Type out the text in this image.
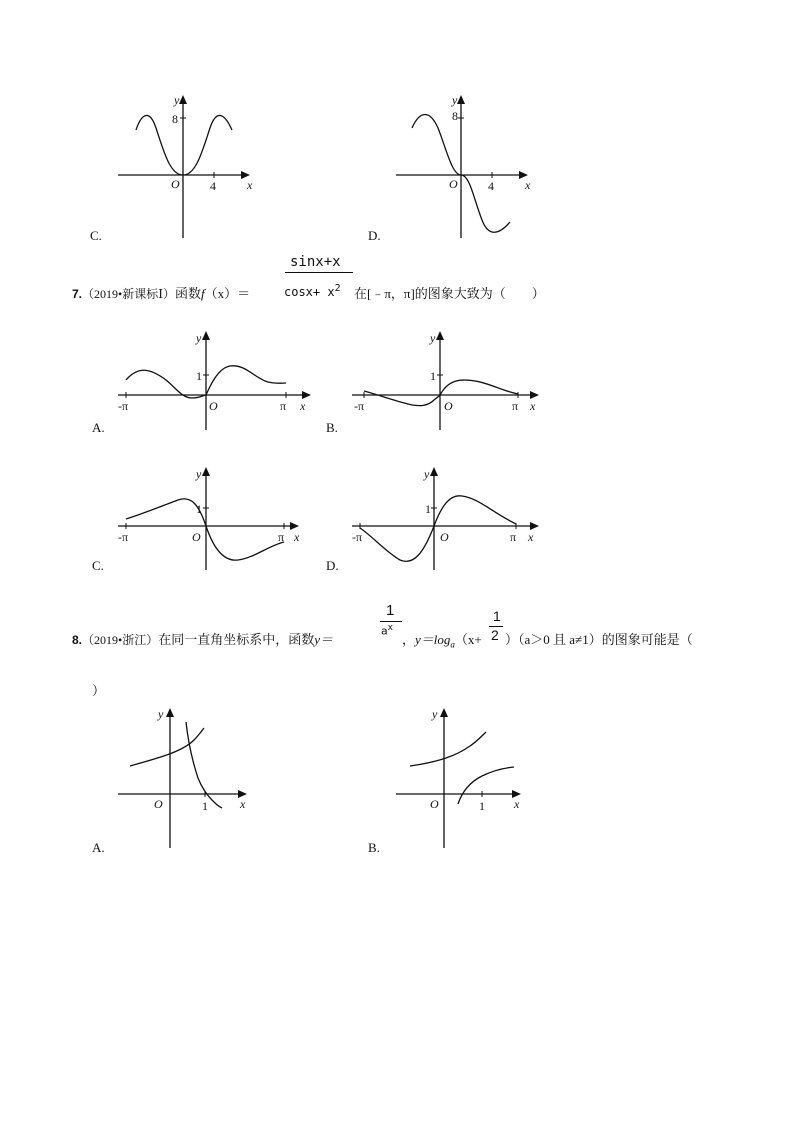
y
8
4
O	x
C.
y
8
4
O	x
D.
7.（2019•新课标Ⅰ）函数f（x）＝
sinx+x
$\cos x+ x^2$ 在[﹣π，π]的图象大致为（　　）
y
1
-π	π
O	x
A.
y
1
-π	π
O	x
B.
y
1
-π	π
O	x
C.
y
1
-π	π
O	x
D.
8.（2019•浙江）在同一直角坐标系中，函数y＝
1
$a^x$
，$y=\log_a(x+$
1
2 ）（a＞0 且 a≠1）的图象可能是（
）
y
O	1	x
A.
y
O	1 x
B.
